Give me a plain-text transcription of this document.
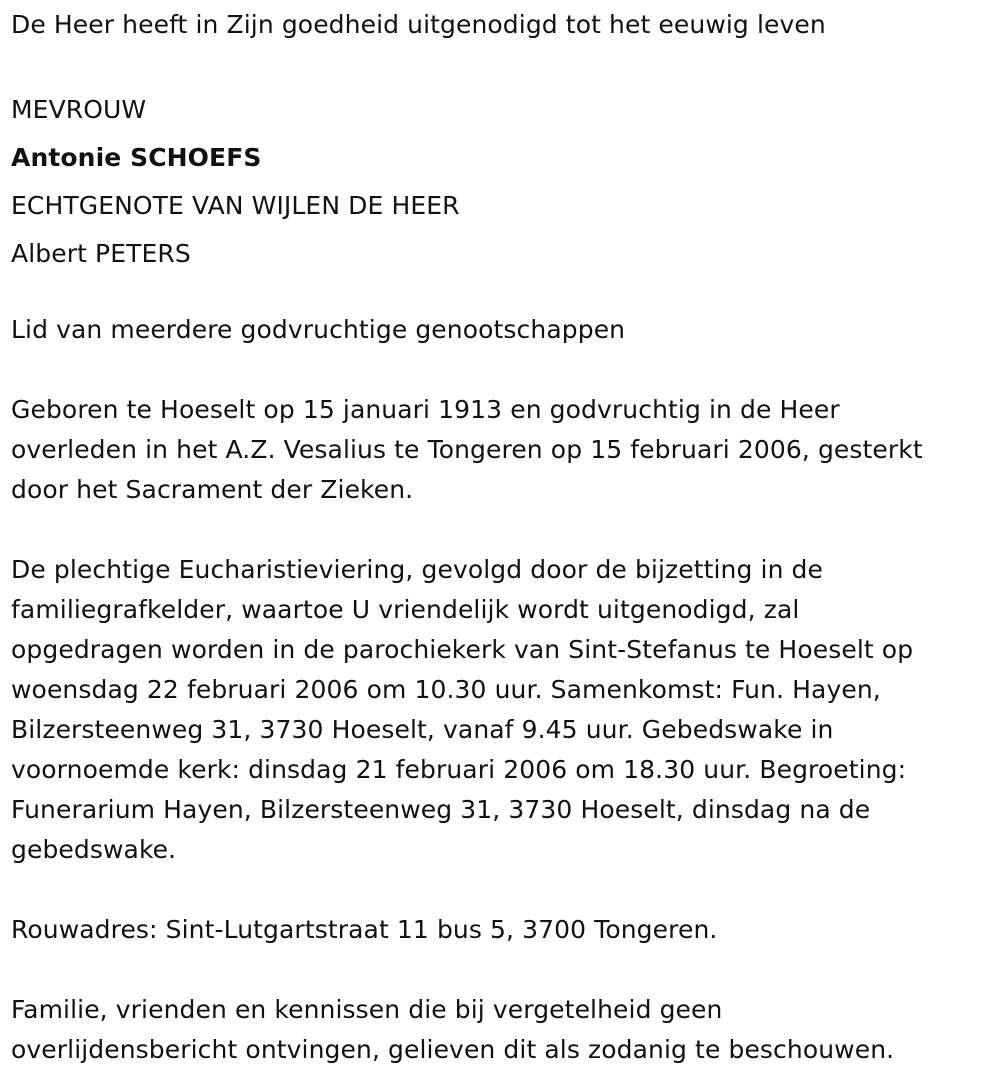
De Heer heeft in Zijn goedheid uitgenodigd tot het eeuwig leven

MEVROUW

Antonie SCHOEFS

ECHTGENOTE VAN WIJLEN DE HEER

Albert PETERS

Lid van meerdere godvruchtige genootschappen

Geboren te Hoeselt op 15 januari 1913 en godvruchtig in de Heer
overleden in het A.Z. Vesalius te Tongeren op 15 februari 2006, gesterkt
door het Sacrament der Zieken.
De plechtige Eucharistieviering, gevolgd door de bijzetting in de
familiegrafkelder, waartoe U vriendelijk wordt uitgenodigd, zal
opgedragen worden in de parochiekerk van Sint-Stefanus te Hoeselt op
woensdag 22 februari 2006 om 10.30 uur. Samenkomst: Fun. Hayen,
Bilzersteenweg 31, 3730 Hoeselt, vanaf 9.45 uur. Gebedswake in
voornoemde kerk: dinsdag 21 februari 2006 om 18.30 uur. Begroeting:
Funerarium Hayen, Bilzersteenweg 31, 3730 Hoeselt, dinsdag na de
gebedswake.

Rouwadres: Sint-Lutgartstraat 11 bus 5, 3700 Tongeren.

Familie, vrienden en kennissen die bij vergetelheid geen
overlijdensbericht ontvingen, gelieven dit als zodanig te beschouwen.
